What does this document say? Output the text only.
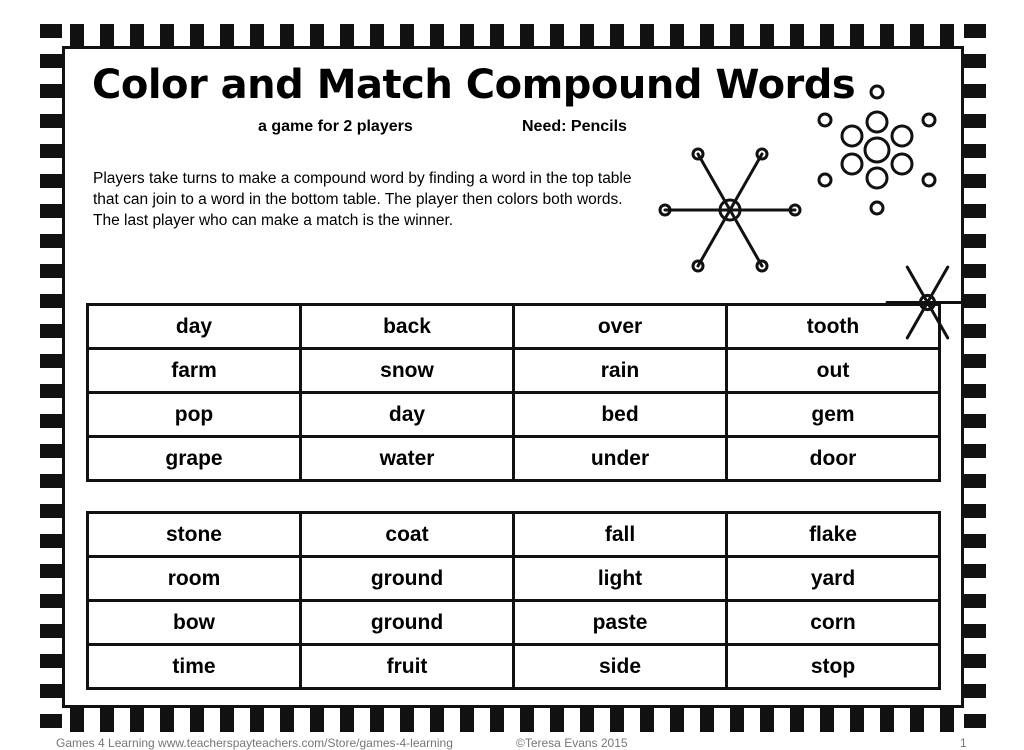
Color and Match Compound Words
a game for 2 players	Need: Pencils
Players take turns to make a compound word by finding a word in the top table that can join to a word in the bottom table. The player then colors both words. The last player who can make a match is the winner.
day	back	over	tooth
farm	snow	rain	out
pop	day	bed	gem
grape	water	under	door
stone	coat	fall	flake
room	ground	light	yard
bow	ground	paste	corn
time	fruit	side	stop
Games 4 Learning www.teacherspayteachers.com/Store/games-4-learning	©Teresa Evans 2015	1
